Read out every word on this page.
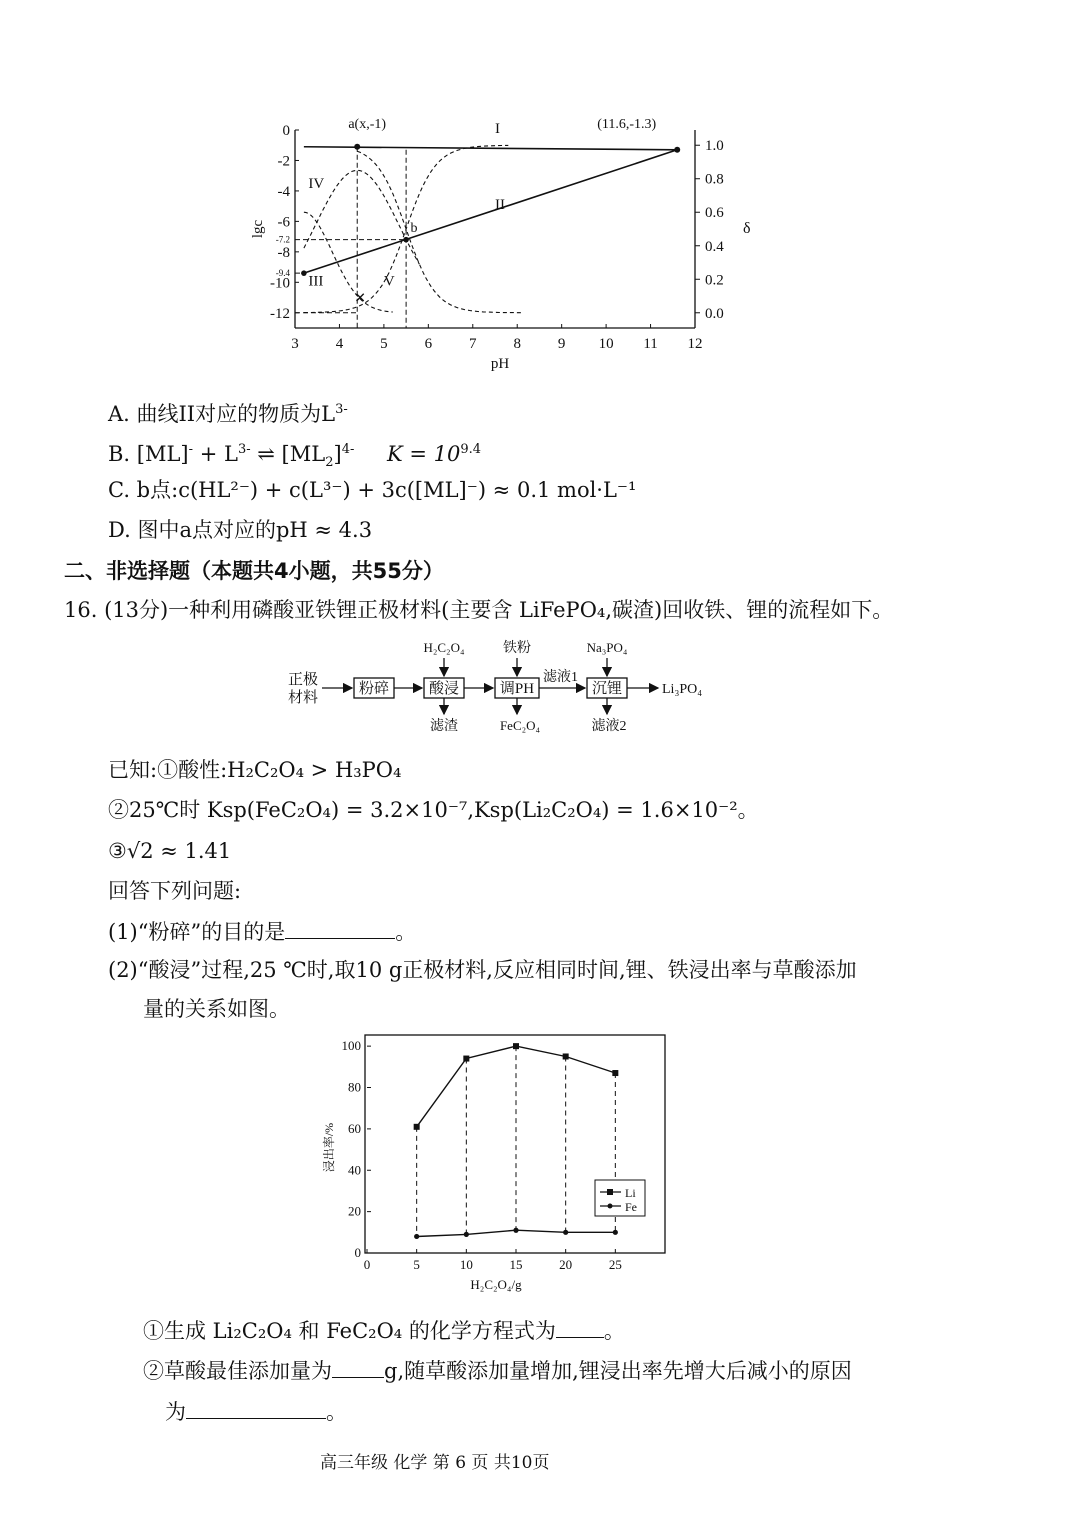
3 4 5 6 7 8 9 10 11 12
pH
0
-2
-4
-6
-8
-10
-12
-7.2
-9.4
lgc
1.0
0.8
0.6
0.4
0.2
0.0
δ
✕
I
II
III
IV
V
a(x,-1)
b
(11.6,-1.3)
A. 曲线II对应的物质为$L^{3-}$
B. $[ML]^- + L^{3-}$ ⇌ $[ML_2]^{4-}$ $K = 10^{9.4}$
C. b点:c(HL²⁻) + c(L³⁻) + 3c([ML]⁻) ≈ 0.1 mol·L⁻¹
D. 图中a点对应的pH ≈ 4.3
二、非选择题（本题共4小题，共55分）
16. (13分)一种利用磷酸亚铁锂正极材料(主要含 LiFePO₄,碳渣)回收铁、锂的流程如下。
正极
材料
粉碎	酸浸	调PH
滤液1
沉锂	Li₃PO₄
H₂C₂O₄	铁粉	Na₃PO₄
滤渣	FeC₂O₄	滤液2
已知:①酸性:H₂C₂O₄ > H₃PO₄
②25℃时 Ksp(FeC₂O₄) = 3.2×10⁻⁷,Ksp(Li₂C₂O₄) = 1.6×10⁻²。
③√2 ≈ 1.41
回答下列问题:
(1)“粉碎”的目的是	。
(2)“酸浸”过程,25 ℃时,取10 g正极材料,反应相同时间,锂、铁浸出率与草酸添加
量的关系如图。
0	5	10	15	20	25
H₂C₂O₄/g
0
20
40
60
80
100
浸出率/%
Li
Fe
①生成 Li₂C₂O₄ 和 FeC₂O₄ 的化学方程式为 。
②草酸最佳添加量为 g,随草酸添加量增加,锂浸出率先增大后减小的原因
为	。
高三年级 化学 第 6 页 共10页
